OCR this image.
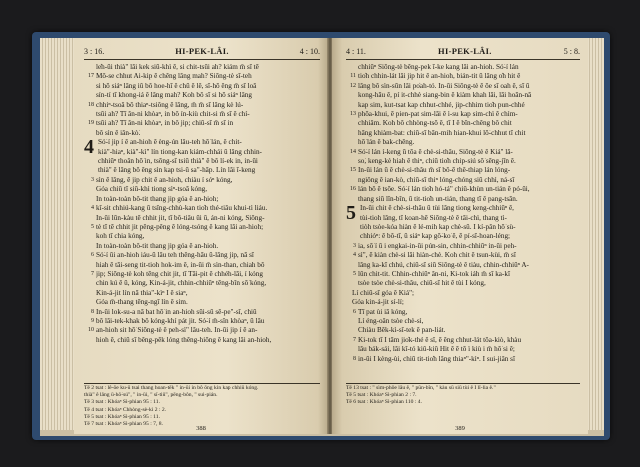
3 : 16.	HI-PEK-LÂI.	4 : 10.
le̍h-ūi thià" lâi kek siū-khì ê, si chit-tsūi ah? kiám m̄ sī tē
17 Mô-se chhut Ai-kip ê chêng lâng mah? Siōng-tè sī-teh
si hō siáⁿ lâng iû bô hoe-hī ê chū ê lê, sī-hō êng m̄ sī loâ
sín-tí tī khong-iá ê lâng mah? Koh bô sī si hō siáⁿ lâng
18 chhiⁿ-tsoâ bô thiaⁿ-tsiông ê lâng, m̄ m̄ sī lâng kè lú-
tsūi ah? Tī ân-ni khòaⁿ, in bô ín-kiù chit-si m̄ sī ê chí-
19 tsūi ah? Tī ân-ni khòaⁿ, in bô jip; chiū-sī m̄ sī in
bô sìn ê iân-kò͘.
4 Só͘-í jip í ê an-hioh ê èng-ún lâu-teh hō͘ lán, ê chit-
kià"-hiaⁿ, kià"-kì" lín tiong-kan kiám-chhái ū lâng chhin-
chhiūⁿ thoân hō͘ in, tsōng-sī tsiū thià" ê bô lí-ek in, in-ūi
thià" ê lâng bô êng sìn kap tsi-ū sa"-hāp. Lín lâi ī-keng
3 sìn ê lâng, ē jip chit ê an-hioh, chiàu í sóⁿ kóng,
Góa chiū tī siū-khì tiong sìⁿ-tsoā kóng,
In toàn-toàn bô-tit thang jip góa ê an-hioh;
4 kî-sit chhiú-kang ū tsîng-chhù-kan tio̍h thé-tiâu khui-tì liáu.
In-ūi lūn-kàu tē chhit jit, tī bô-tiâu ūi ū, án-ni kóng, Siōng-
5 tè tī tē chhit jit pêng-pêng ê lóng-tsóng ê kang lâi an-hioh;
koh tī chia kóng,
In toàn-toàn bô-tit thang jip góa ê an-hioh.
6 Só͘-í ūi an-hioh iáu-ū lâu teh thêng-hāu ū-lâng jip, nā sī
hiah ê tāi-seng tit-tioh hok-im ê, in-ūi m̄ sìn-than, chiah bô
7 jip; Siōng-tè koh tēng chit jit, tī Tāi-pit ê chhéh-lāi, í kóng
chin kú ê ū, kóng, Kin-á-jit, chhin-chhiūⁿ tēng-bîn sō͘ kóng,
Kin-á-jit lín nā thia"-kìⁿ I ê siaⁿ,
Góa m̄-thang tēng-ngī lín ê sim.
8 In-ūi lok-su-a nā bat hō͘ in an-hioh sūi-sū sê-pe"-sî, chiū
9 bô lâi-tek-khak bô kóng-khí pát jit. Só͘-í m̄-sîn khòaⁿ, ū lâu
10 an-hioh sit hō͘ Siōng-tè ê peh-sì" lâu-teh. In-ūi jip í ê an-
hioh ê, chiū sī bêng-pêk lóng thêng-hiōng ê kang lâi an-hioh,
Tē 2 tsat : lê-ōe ku-ū tsai thang hoan-tēk " in-ūi in bô ōng kin kap chhiū kóng.
thià" ê lâng ū-hō͘-sú", " in-ūi, " sī-tiû", pēng-bôn, " sui-pián.
Tē 3 tsat : Khóaⁿ Sì-phian 95 : 11.
Tē 4 tsat : Khóaⁿ Chhòng-sè-kì 2 : 2.
Tē 5 tsat : Khóaⁿ Sì-phian 95 : 11.
Tē 7 tsat : Khóaⁿ Sì-phian 95 : 7, 8.
388
4 : 11.	HI-PEK-LÂI.	5 : 8.
chhiūⁿ Siōng-tè bêng-pek ī-ke kang lâi an-hioh. Só͘-í lán
11 tio̍h chhin-lát lâi jip hit ê an-hioh, bián-tit ū lâng o̍h hit ê
12 lâng bô sìn-sūn lâi po̍ah-tó. In-ūi Siōng-tè ê ōe sī oah ê, sī ū
kong-hāu ê, pí it-chhè siang-bin ê kiàm khah lāi, lāi hoān-nā
kap sim, kut-tsat kap chhut-chhé, jip-chhim tio̍h pun-chhé
13 phōa-khui, ē pien-pat sim-lāi ê ì-su kap sim-chì ê chìm-
chhiâm. Koh bô chhòng-tsō ê, tī I ê bīn-chêng bô chit
hāng khiàm-bat: chiū-sī bān-mih hian-khui lō͘-chhut tī chit
hō͘ lán ê bak-chêng.
14 Só͘-í lán í-keng ū tōa ê chè-si-thâu, Siōng-tè ê Kiá" lâ-
so͘, keng-kè hiah ê thiⁿ, chiū tio̍h chip-siú sō͘ sēng-jīn ê.
15 In-ūi lán ū ê chè-si-thâu m̄ sī bô-ē thê-thiap lán lóng-
ngiông ê ian-kò, chiū-sī thiⁿ lóng-chóng siū chhì, ná-sī
16 lán bô ê tsōe. Só͘-í lán tio̍h hó-tá" chiū-khùn un-tián ê pó-ūi,
thang siū lîn-bîn, ū tit-tio̍h un-tián, thang tī ê pang-tsān.
5 In-ūi chit ê chè-si-thâu ū tùi lâng tiong keng-chhiūⁿ ê,
tùi-tioh lâng, tī koan-hē Siōng-tè ê tāi-chì, thang tì-
tiòh tsòe-kóa hiàn ê lé-mih kap chè-sū. I kí-pân hō͘ sù-
chhióⁿ: ê bô-tī, ū siáⁿ kap gō͘-ko͘ ê, ē pí-sī-hoan-léng;
3 ia, sō͘ í ū i engkai-in-ūi pún-sin, chhin-chhiūⁿ in-ūi peh-
4 sì", ē kiàn chè-si lâi hiàn-chè. Koh chit ê tsun-kùi, m̄ sī
lâng ka-kī chhú, chiū-sī siū Siōng-tè ê tiàu, chhin-chhiūⁿ A-
5 lûn chit-tit. Chhin-chhiūⁿ ân-ni, Ki-tok iáh m̄ sī ka-kī
tsòe tsòe chè-si-thâu, chiū-sī hit ê tùi I kóng,
Lí chiū-sī góa ê Kiá";
Góa kin-á-jit sí-lí;
6 Tī pat ùi iā kóng,
Lí éng-oân tsòe chè-sì,
Chiàu Bêk-kì-sî-tek ê pan-liát.
7 Ki-tok tī I tām jio̍k-thé ê sî, ē êng chhut-lát tōa-kiò, khàu
lâu bák-sái, lâi kî-tó kiû-kiû Hit ê ē tō ì kiù i m̄ hō͘ si ê;
8 in-ūi I kèng-ùi, chiū tit-tio̍h lâng thiaⁿ"-kìⁿ. I sui-jiân sī
Tē 13 tsat : " sìm-phôe lāu ê, " pūn-bîn, " kàu sū siū tùi ê I lî-lia ê."
Tē 5 tsat : Khóaⁿ Sì-phian 2 : 7.
Tē 6 tsat : Khóaⁿ Sì-phian 110 : 4.
389
